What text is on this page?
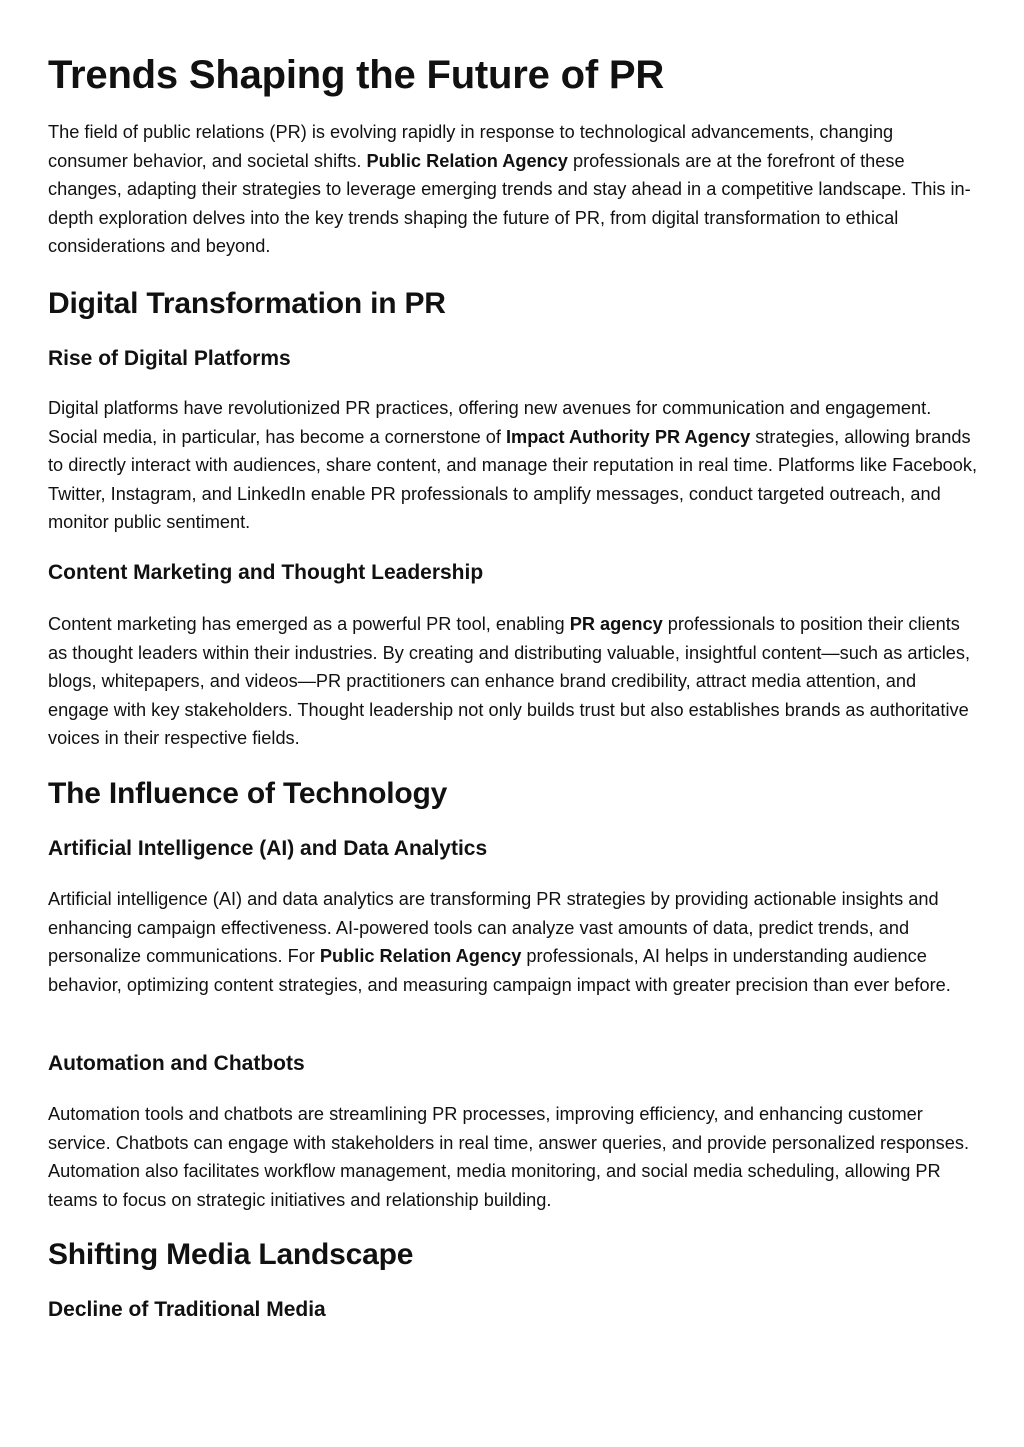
Trends Shaping the Future of PR

The field of public relations (PR) is evolving rapidly in response to technological advancements, changing consumer behavior, and societal shifts. Public Relation Agency professionals are at the forefront of these changes, adapting their strategies to leverage emerging trends and stay ahead in a competitive landscape. This in-depth exploration delves into the key trends shaping the future of PR, from digital transformation to ethical considerations and beyond.

Digital Transformation in PR
Rise of Digital Platforms

Digital platforms have revolutionized PR practices, offering new avenues for communication and engagement. Social media, in particular, has become a cornerstone of Impact Authority PR Agency strategies, allowing brands to directly interact with audiences, share content, and manage their reputation in real time. Platforms like Facebook, Twitter, Instagram, and LinkedIn enable PR professionals to amplify messages, conduct targeted outreach, and monitor public sentiment.

Content Marketing and Thought Leadership

Content marketing has emerged as a powerful PR tool, enabling PR agency professionals to position their clients as thought leaders within their industries. By creating and distributing valuable, insightful content—such as articles, blogs, whitepapers, and videos—PR practitioners can enhance brand credibility, attract media attention, and engage with key stakeholders. Thought leadership not only builds trust but also establishes brands as authoritative voices in their respective fields.

The Influence of Technology
Artificial Intelligence (AI) and Data Analytics

Artificial intelligence (AI) and data analytics are transforming PR strategies by providing actionable insights and enhancing campaign effectiveness. AI-powered tools can analyze vast amounts of data, predict trends, and personalize communications. For Public Relation Agency professionals, AI helps in understanding audience behavior, optimizing content strategies, and measuring campaign impact with greater precision than ever before.

Automation and Chatbots

Automation tools and chatbots are streamlining PR processes, improving efficiency, and enhancing customer service. Chatbots can engage with stakeholders in real time, answer queries, and provide personalized responses. Automation also facilitates workflow management, media monitoring, and social media scheduling, allowing PR teams to focus on strategic initiatives and relationship building.

Shifting Media Landscape
Decline of Traditional Media
